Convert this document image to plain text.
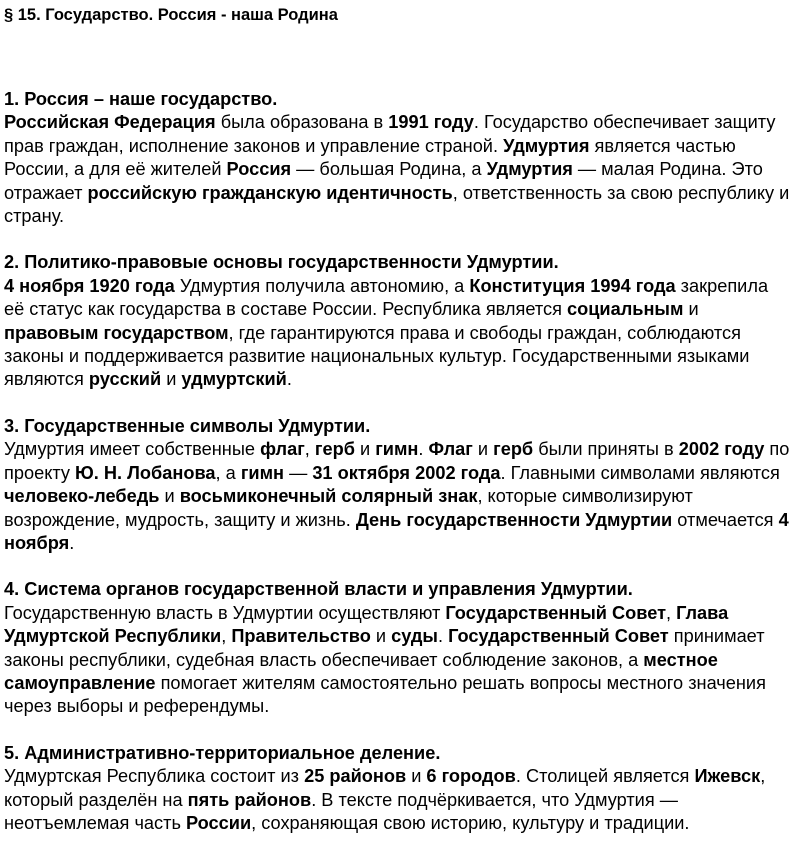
§ 15. Государство. Россия - наша Родина
1. Россия – наше государство.
Российская Федерация была образована в 1991 году. Государство обеспечивает защиту прав граждан, исполнение законов и управление страной. Удмуртия является частью России, а для её жителей Россия — большая Родина, а Удмуртия — малая Родина. Это отражает российскую гражданскую идентичность, ответственность за свою республику и страну.
2. Политико-правовые основы государственности Удмуртии.
4 ноября 1920 года Удмуртия получила автономию, а Конституция 1994 года закрепила её статус как государства в составе России. Республика является социальным и правовым государством, где гарантируются права и свободы граждан, соблюдаются законы и поддерживается развитие национальных культур. Государственными языками являются русский и удмуртский.
3. Государственные символы Удмуртии.
Удмуртия имеет собственные флаг, герб и гимн. Флаг и герб были приняты в 2002 году по проекту Ю. Н. Лобанова, а гимн — 31 октября 2002 года. Главными символами являются человеко-лебедь и восьмиконечный солярный знак, которые символизируют возрождение, мудрость, защиту и жизнь. День государственности Удмуртии отмечается 4 ноября.
4. Система органов государственной власти и управления Удмуртии.
Государственную власть в Удмуртии осуществляют Государственный Совет, Глава Удмуртской Республики, Правительство и суды. Государственный Совет принимает законы республики, судебная власть обеспечивает соблюдение законов, а местное самоуправление помогает жителям самостоятельно решать вопросы местного значения через выборы и референдумы.
5. Административно-территориальное деление.
Удмуртская Республика состоит из 25 районов и 6 городов. Столицей является Ижевск, который разделён на пять районов. В тексте подчёркивается, что Удмуртия — неотъемлемая часть России, сохраняющая свою историю, культуру и традиции.
